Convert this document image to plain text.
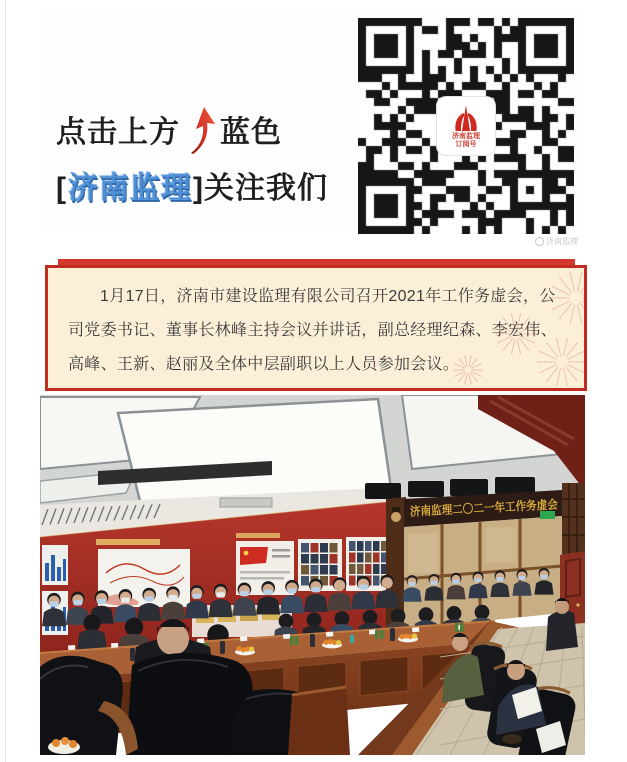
点击上方 蓝色
[ 济南监理 ] 关注我们
济南监理
订阅号
济南监理

1月17日，济南市建设监理有限公司召开2021年工作务虚会，公司党委书记、董事长林峰主持会议并讲话，副总经理纪森、李宏伟、高峰、王新、赵丽及全体中层副职以上人员参加会议。

济南监理二〇二一年工作务虚会
